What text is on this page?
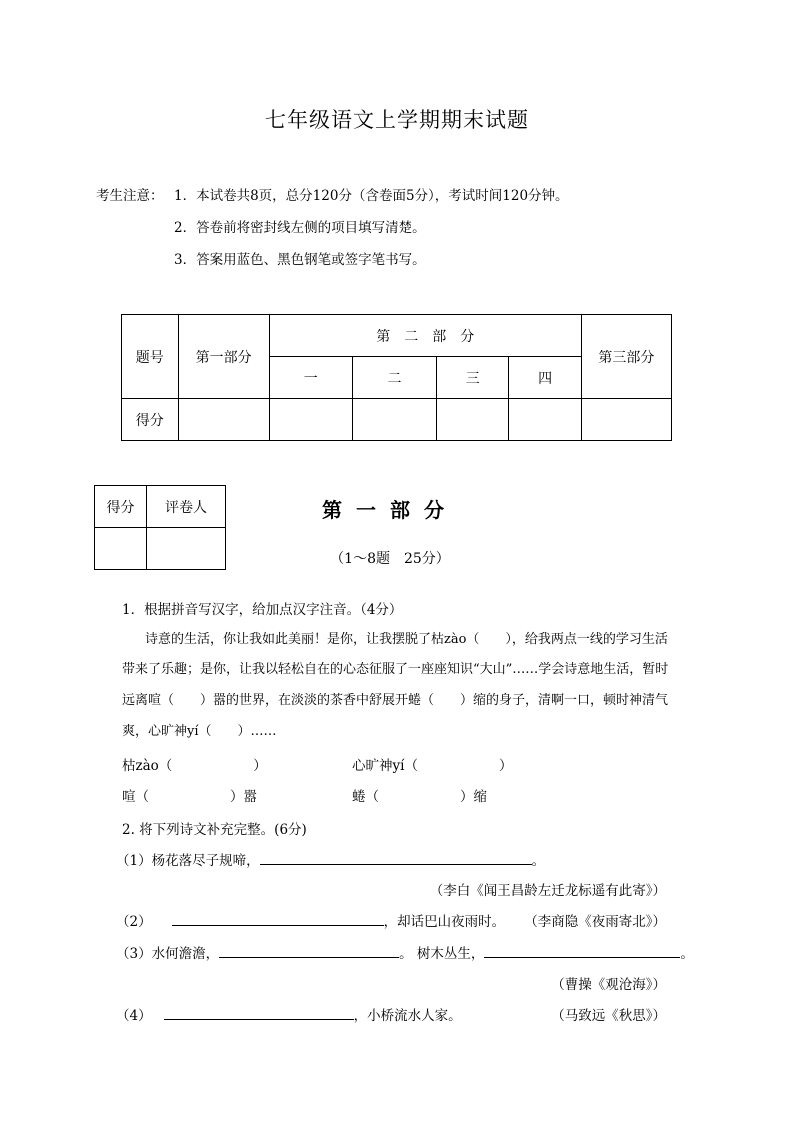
七年级语文上学期期末试题
考生注意： 1．本试卷共8页，总分120分（含卷面5分），考试时间120分钟。
2．答卷前将密封线左侧的项目填写清楚。
3．答案用蓝色、黑色钢笔或签字笔书写。
题号	第一部分	第　二　部　分				第三部分
		一	二	三	四	
得分						
得分	评卷人
		第一部分
（1～8题　25分）
1．根据拼音写汉字，给加点汉字注音。（4分）
诗意的生活，你让我如此美丽！是你，让我摆脱了枯zào（　　），给我两点一线的学习生活
带来了乐趣；是你，让我以轻松自在的心态征服了一座座知识“大山”……学会诗意地生活，暂时
远离喧（　　）嚣的世界，在淡淡的茶香中舒展开蜷（　　）缩的身子，清啊一口，顿时神清气
爽，心旷神yí（　　）……
枯zào（　　　　　　）	心旷神yí（　　　　　　）
喧（　　　　　　）嚣	蜷（　　　　　　）缩
2. 将下列诗文补充完整。(6分)
（1）杨花落尽子规啼，	。
（李白《闻王昌龄左迁龙标遥有此寄》）
（2）	，却话巴山夜雨时。 （李商隐《夜雨寄北》）
（3）水何澹澹，	。 树木丛生，	。
（曹操《观沧海》）
（4）	，小桥流水人家。	（马致远《秋思》）
